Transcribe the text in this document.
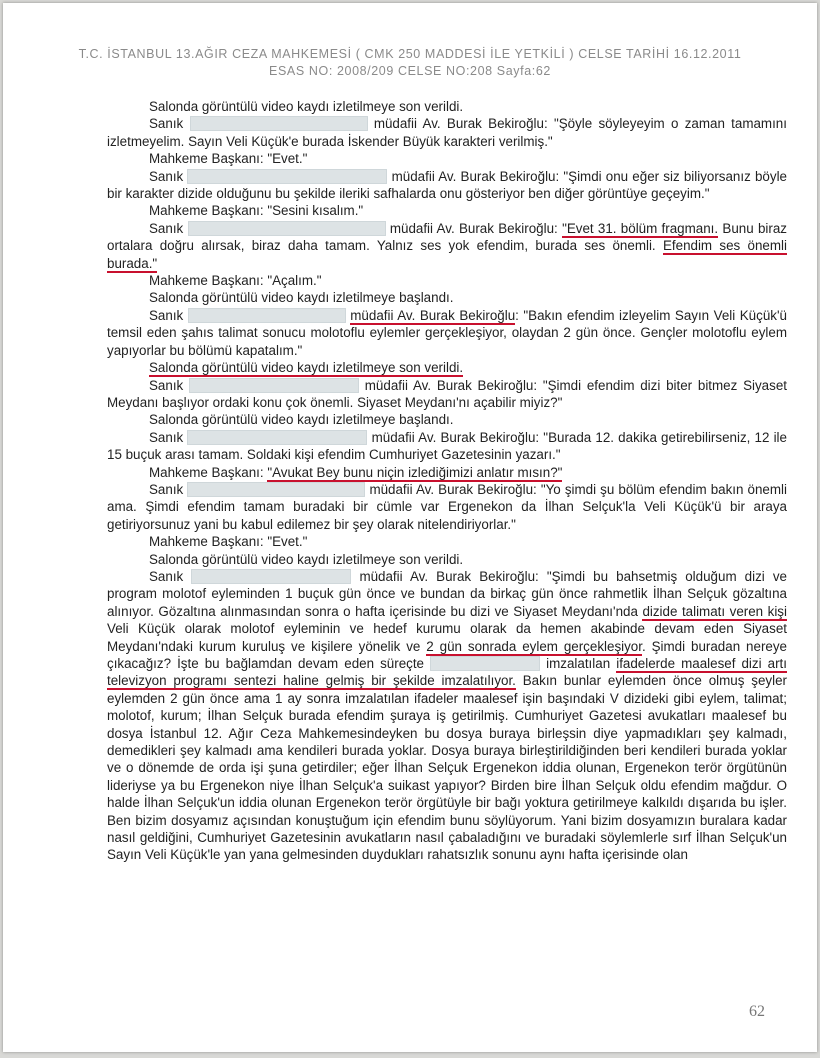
T.C. İSTANBUL 13.AĞIR CEZA MAHKEMESİ ( CMK 250 MADDESİ İLE YETKİLİ ) CELSE TARİHİ 16.12.2011
ESAS NO: 2008/209 CELSE NO:208 Sayfa:62

Salonda görüntülü video kaydı izletilmeye son verildi.

Sanık	müdafii Av. Burak Bekiroğlu: "Şöyle söyleyeyim o zaman tamamını izletmeyelim. Sayın Veli Küçük'e burada İskender Büyük karakteri verilmiş."

Mahkeme Başkanı: "Evet."

Sanık	müdafii Av. Burak Bekiroğlu: "Şimdi onu eğer siz biliyorsanız böyle bir karakter dizide olduğunu bu şekilde ileriki safhalarda onu gösteriyor ben diğer görüntüye geçeyim."

Mahkeme Başkanı: "Sesini kısalım."

Sanık	müdafii Av. Burak Bekiroğlu: "Evet 31. bölüm fragmanı. Bunu biraz ortalara doğru alırsak, biraz daha tamam. Yalnız ses yok efendim, burada ses önemli. Efendim ses önemli burada."

Mahkeme Başkanı: "Açalım."

Salonda görüntülü video kaydı izletilmeye başlandı.

Sanık	müdafii Av. Burak Bekiroğlu: "Bakın efendim izleyelim Sayın Veli Küçük'ü temsil eden şahıs talimat sonucu molotoflu eylemler gerçekleşiyor, olaydan 2 gün önce. Gençler molotoflu eylem yapıyorlar bu bölümü kapatalım."

Salonda görüntülü video kaydı izletilmeye son verildi.

Sanık	müdafii Av. Burak Bekiroğlu: "Şimdi efendim dizi biter bitmez Siyaset Meydanı başlıyor ordaki konu çok önemli. Siyaset Meydanı'nı açabilir miyiz?"

Salonda görüntülü video kaydı izletilmeye başlandı.

Sanık	müdafii Av. Burak Bekiroğlu: "Burada 12. dakika getirebilirseniz, 12 ile 15 buçuk arası tamam. Soldaki kişi efendim Cumhuriyet Gazetesinin yazarı."

Mahkeme Başkanı: "Avukat Bey bunu niçin izlediğimizi anlatır mısın?"

Sanık	müdafii Av. Burak Bekiroğlu: "Yo şimdi şu bölüm efendim bakın önemli ama. Şimdi efendim tamam buradaki bir cümle var Ergenekon da İlhan Selçuk'la Veli Küçük'ü bir araya getiriyorsunuz yani bu kabul edilemez bir şey olarak nitelendiriyorlar."

Mahkeme Başkanı: "Evet."

Salonda görüntülü video kaydı izletilmeye son verildi.

Sanık	müdafii Av. Burak Bekiroğlu: "Şimdi bu bahsetmiş olduğum dizi ve program molotof eyleminden 1 buçuk gün önce ve bundan da birkaç gün önce rahmetlik İlhan Selçuk gözaltına alınıyor. Gözaltına alınmasından sonra o hafta içerisinde bu dizi ve Siyaset Meydanı'nda dizide talimatı veren kişi Veli Küçük olarak molotof eyleminin ve hedef kurumu olarak da hemen akabinde devam eden Siyaset Meydanı'ndaki kurum kuruluş ve kişilere yönelik ve 2 gün sonrada eylem gerçekleşiyor. Şimdi buradan nereye çıkacağız? İşte bu bağlamdan devam eden süreçte	imzalatılan ifadelerde maalesef dizi artı televizyon programı sentezi haline gelmiş bir şekilde imzalatılıyor. Bakın bunlar eylemden önce olmuş şeyler eylemden 2 gün önce ama 1 ay sonra imzalatılan ifadeler maalesef işin başındaki V dizideki gibi eylem, talimat; molotof, kurum; İlhan Selçuk burada efendim şuraya iş getirilmiş. Cumhuriyet Gazetesi avukatları maalesef bu dosya İstanbul 12. Ağır Ceza Mahkemesindeyken bu dosya buraya birleşsin diye yapmadıkları şey kalmadı, demedikleri şey kalmadı ama kendileri burada yoklar. Dosya buraya birleştirildiğinden beri kendileri burada yoklar ve o dönemde de orda işi şuna getirdiler; eğer İlhan Selçuk Ergenekon iddia olunan, Ergenekon terör örgütünün lideriyse ya bu Ergenekon niye İlhan Selçuk'a suikast yapıyor? Birden bire İlhan Selçuk oldu efendim mağdur. O halde İlhan Selçuk'un iddia olunan Ergenekon terör örgütüyle bir bağı yoktura getirilmeye kalkıldı dışarıda bu işler. Ben bizim dosyamız açısından konuştuğum için efendim bunu söylüyorum. Yani bizim dosyamızın buralara kadar nasıl geldiğini, Cumhuriyet Gazetesinin avukatların nasıl çabaladığını ve buradaki söylemlerle sırf İlhan Selçuk'un Sayın Veli Küçük'le yan yana gelmesinden duydukları rahatsızlık sonunu aynı hafta içerisinde olan

62
